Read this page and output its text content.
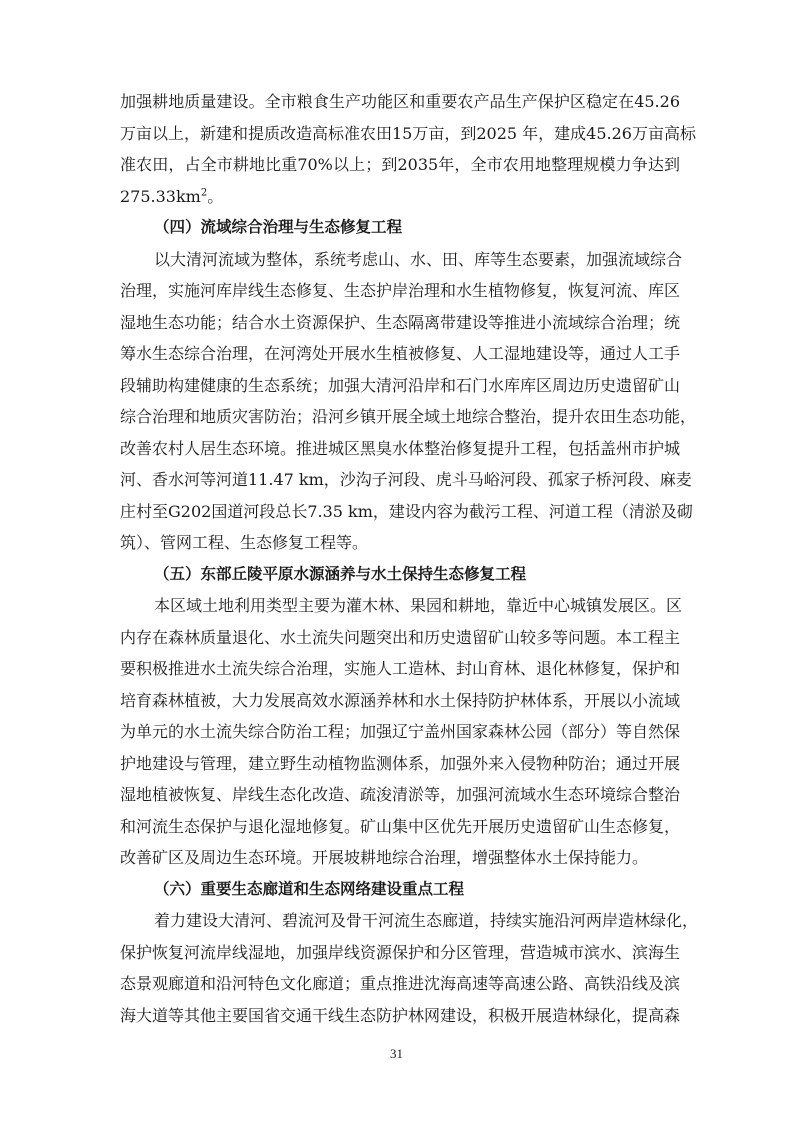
加强耕地质量建设。全市粮食生产功能区和重要农产品生产保护区稳定在45.26
万亩以上，新建和提质改造高标准农田15万亩，到2025 年，建成45.26万亩高标
准农田，占全市耕地比重70%以上；到2035年，全市农用地整理规模力争达到
$275.33km^2$。
（四）流域综合治理与生态修复工程
以大清河流域为整体，系统考虑山、水、田、库等生态要素，加强流域综合
治理，实施河库岸线生态修复、生态护岸治理和水生植物修复，恢复河流、库区
湿地生态功能；结合水土资源保护、生态隔离带建设等推进小流域综合治理；统
筹水生态综合治理，在河湾处开展水生植被修复、人工湿地建设等，通过人工手
段辅助构建健康的生态系统；加强大清河沿岸和石门水库库区周边历史遗留矿山
综合治理和地质灾害防治；沿河乡镇开展全域土地综合整治，提升农田生态功能，
改善农村人居生态环境。推进城区黑臭水体整治修复提升工程，包括盖州市护城
河、香水河等河道11.47 km，沙沟子河段、虎斗马峪河段、孤家子桥河段、麻麦
庄村至G202国道河段总长7.35 km，建设内容为截污工程、河道工程（清淤及砌
筑）、管网工程、生态修复工程等。
（五）东部丘陵平原水源涵养与水土保持生态修复工程
本区域土地利用类型主要为灌木林、果园和耕地，靠近中心城镇发展区。区
内存在森林质量退化、水土流失问题突出和历史遗留矿山较多等问题。本工程主
要积极推进水土流失综合治理，实施人工造林、封山育林、退化林修复，保护和
培育森林植被，大力发展高效水源涵养林和水土保持防护林体系，开展以小流域
为单元的水土流失综合防治工程；加强辽宁盖州国家森林公园（部分）等自然保
护地建设与管理，建立野生动植物监测体系，加强外来入侵物种防治；通过开展
湿地植被恢复、岸线生态化改造、疏浚清淤等，加强河流域水生态环境综合整治
和河流生态保护与退化湿地修复。矿山集中区优先开展历史遗留矿山生态修复，
改善矿区及周边生态环境。开展坡耕地综合治理，增强整体水土保持能力。
（六）重要生态廊道和生态网络建设重点工程
着力建设大清河、碧流河及骨干河流生态廊道，持续实施沿河两岸造林绿化，
保护恢复河流岸线湿地，加强岸线资源保护和分区管理，营造城市滨水、滨海生
态景观廊道和沿河特色文化廊道；重点推进沈海高速等高速公路、高铁沿线及滨
海大道等其他主要国省交通干线生态防护林网建设，积极开展造林绿化，提高森
31
